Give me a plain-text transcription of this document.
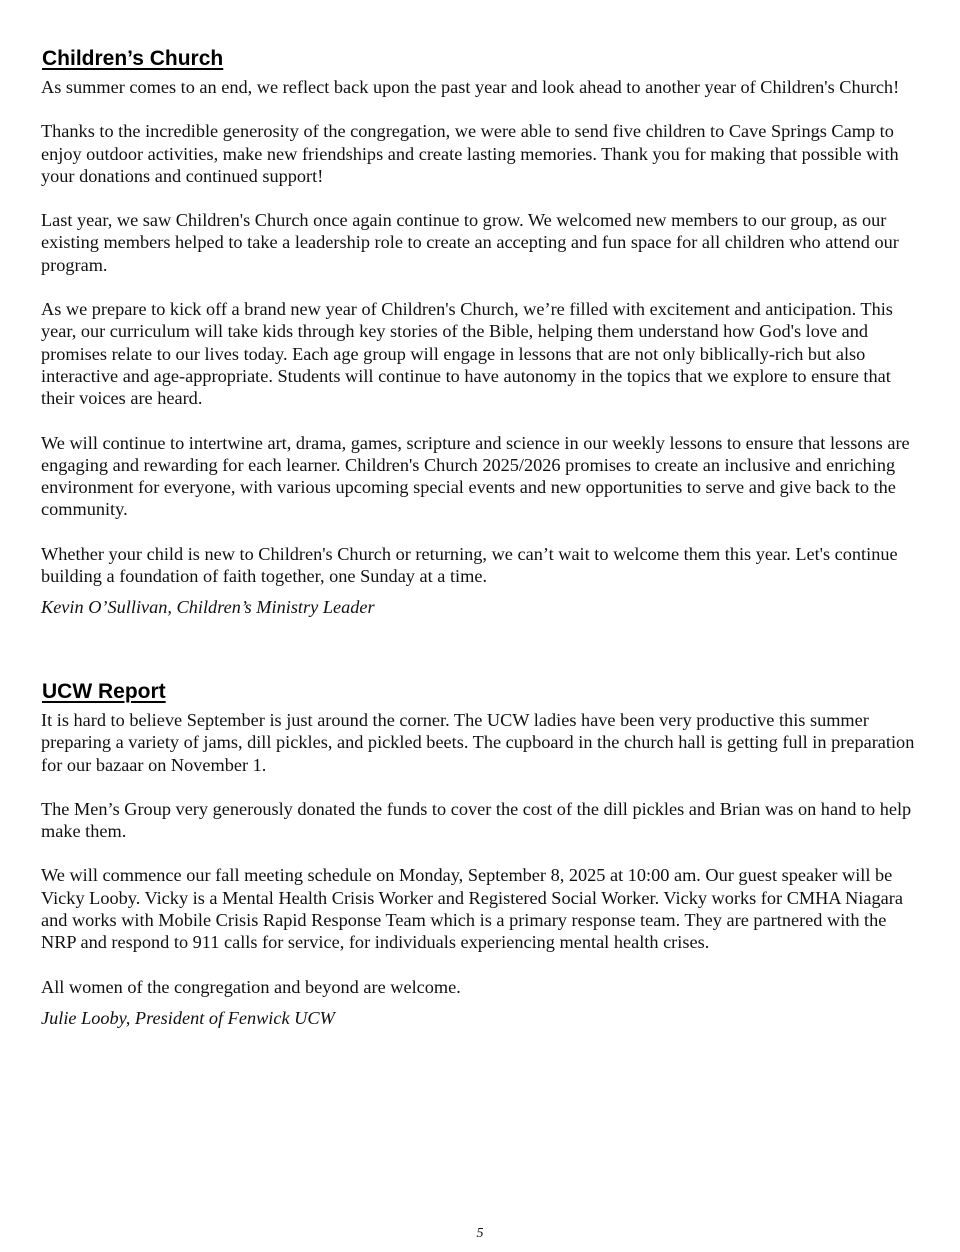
Children’s Church

As summer comes to an end, we reflect back upon the past year and look ahead to another year of Children's Church!

Thanks to the incredible generosity of the congregation, we were able to send five children to Cave Springs Camp to enjoy outdoor activities, make new friendships and create lasting memories. Thank you for making that possible with your donations and continued support!

Last year, we saw Children's Church once again continue to grow. We welcomed new members to our group, as our existing members helped to take a leadership role to create an accepting and fun space for all children who attend our program.

As we prepare to kick off a brand new year of Children's Church, we’re filled with excitement and anticipation. This year, our curriculum will take kids through key stories of the Bible, helping them understand how God's love and promises relate to our lives today. Each age group will engage in lessons that are not only biblically-rich but also interactive and age-appropriate. Students will continue to have autonomy in the topics that we explore to ensure that their voices are heard.

We will continue to intertwine art, drama, games, scripture and science in our weekly lessons to ensure that lessons are engaging and rewarding for each learner. Children's Church 2025/2026 promises to create an inclusive and enriching environment for everyone, with various upcoming special events and new opportunities to serve and give back to the community.

Whether your child is new to Children's Church or returning, we can’t wait to welcome them this year. Let's continue building a foundation of faith together, one Sunday at a time.

Kevin O’Sullivan, Children’s Ministry Leader

UCW Report

It is hard to believe September is just around the corner. The UCW ladies have been very productive this summer preparing a variety of jams, dill pickles, and pickled beets. The cupboard in the church hall is getting full in preparation for our bazaar on November 1.

The Men’s Group very generously donated the funds to cover the cost of the dill pickles and Brian was on hand to help make them.

We will commence our fall meeting schedule on Monday, September 8, 2025 at 10:00 am. Our guest speaker will be Vicky Looby. Vicky is a Mental Health Crisis Worker and Registered Social Worker. Vicky works for CMHA Niagara and works with Mobile Crisis Rapid Response Team which is a primary response team. They are partnered with the NRP and respond to 911 calls for service, for individuals experiencing mental health crises.

All women of the congregation and beyond are welcome.

Julie Looby, President of Fenwick UCW

5
